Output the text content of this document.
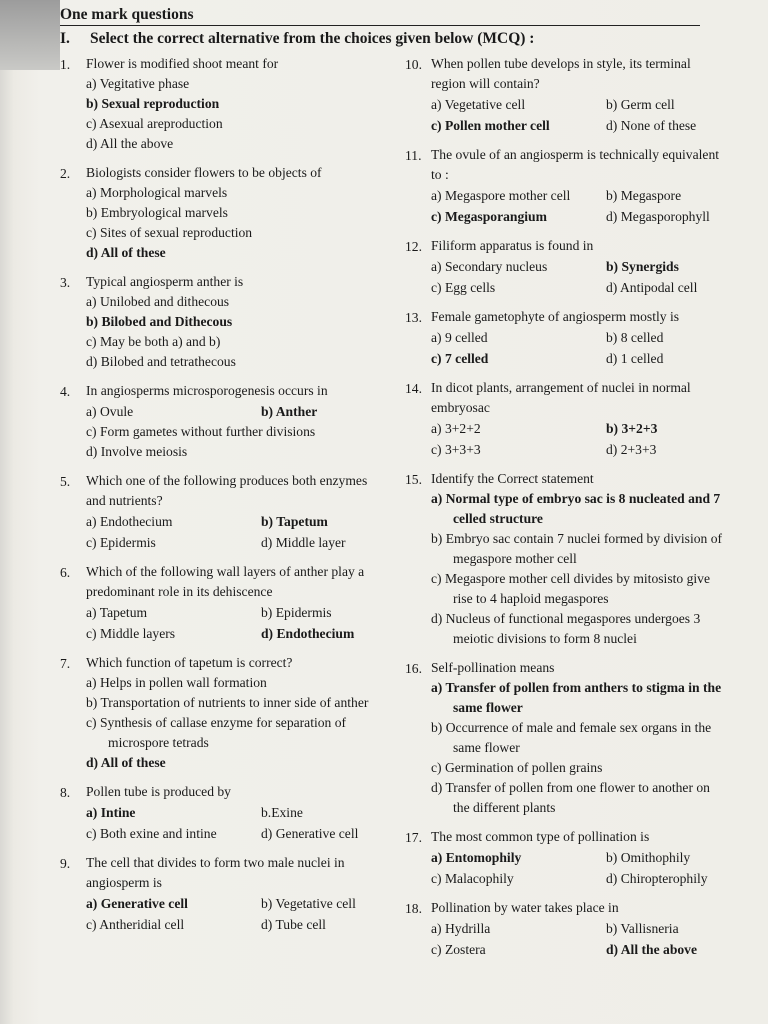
One mark questions
I. Select the correct alternative from the choices given below (MCQ) :
1. Flower is modified shoot meant for
a) Vegitative phase
b) Sexual reproduction
c) Asexual areproduction
d) All the above
2. Biologists consider flowers to be objects of
a) Morphological marvels
b) Embryological marvels
c) Sites of sexual reproduction
d) All of these
3. Typical angiosperm anther is
a) Unilobed and dithecous
b) Bilobed and Dithecous
c) May be both a) and b)
d) Bilobed and tetrathecous
4. In angiosperms microsporogenesis occurs in
a) Ovule	b) Anther
c) Form gametes without further divisions
d) Involve meiosis
5. Which one of the following produces both enzymes and nutrients?
a) Endothecium	b) Tapetum
c) Epidermis	d) Middle layer
6. Which of the following wall layers of anther play a predominant role in its dehiscence
a) Tapetum	b) Epidermis
c) Middle layers	d) Endothecium
7. Which function of tapetum is correct?
a) Helps in pollen wall formation
b) Transportation of nutrients to inner side of anther
c) Synthesis of callase enzyme for separation of microspore tetrads
d) All of these
8. Pollen tube is produced by
a) Intine	b.Exine
c) Both exine and intine	d) Generative cell
9. The cell that divides to form two male nuclei in angiosperm is
a) Generative cell	b) Vegetative cell
c) Antheridial cell	d) Tube cell
10. When pollen tube develops in style, its terminal region will contain?
a) Vegetative cell	b) Germ cell
c) Pollen mother cell	d) None of these
11. The ovule of an angiosperm is technically equivalent to :
a) Megaspore mother cell	b) Megaspore
c) Megasporangium	d) Megasporophyll
12. Filiform apparatus is found in
a) Secondary nucleus	b) Synergids
c) Egg cells	d) Antipodal cell
13. Female gametophyte of angiosperm mostly is
a) 9 celled	b) 8 celled
c) 7 celled	d) 1 celled
14. In dicot plants, arrangement of nuclei in normal embryosac
a) 3+2+2	b) 3+2+3
c) 3+3+3	d) 2+3+3
15. Identify the Correct statement
a) Normal type of embryo sac is 8 nucleated and 7 celled structure
b) Embryo sac contain 7 nuclei formed by division of megaspore mother cell
c) Megaspore mother cell divides by mitosisto give rise to 4 haploid megaspores
d) Nucleus of functional megaspores undergoes 3 meiotic divisions to form 8 nuclei
16. Self-pollination means
a) Transfer of pollen from anthers to stigma in the same flower
b) Occurrence of male and female sex organs in the same flower
c) Germination of pollen grains
d) Transfer of pollen from one flower to another on the different plants
17. The most common type of pollination is
a) Entomophily	b) Omithophily
c) Malacophily	d) Chiropterophily
18. Pollination by water takes place in
a) Hydrilla	b) Vallisneria
c) Zostera	d) All the above
